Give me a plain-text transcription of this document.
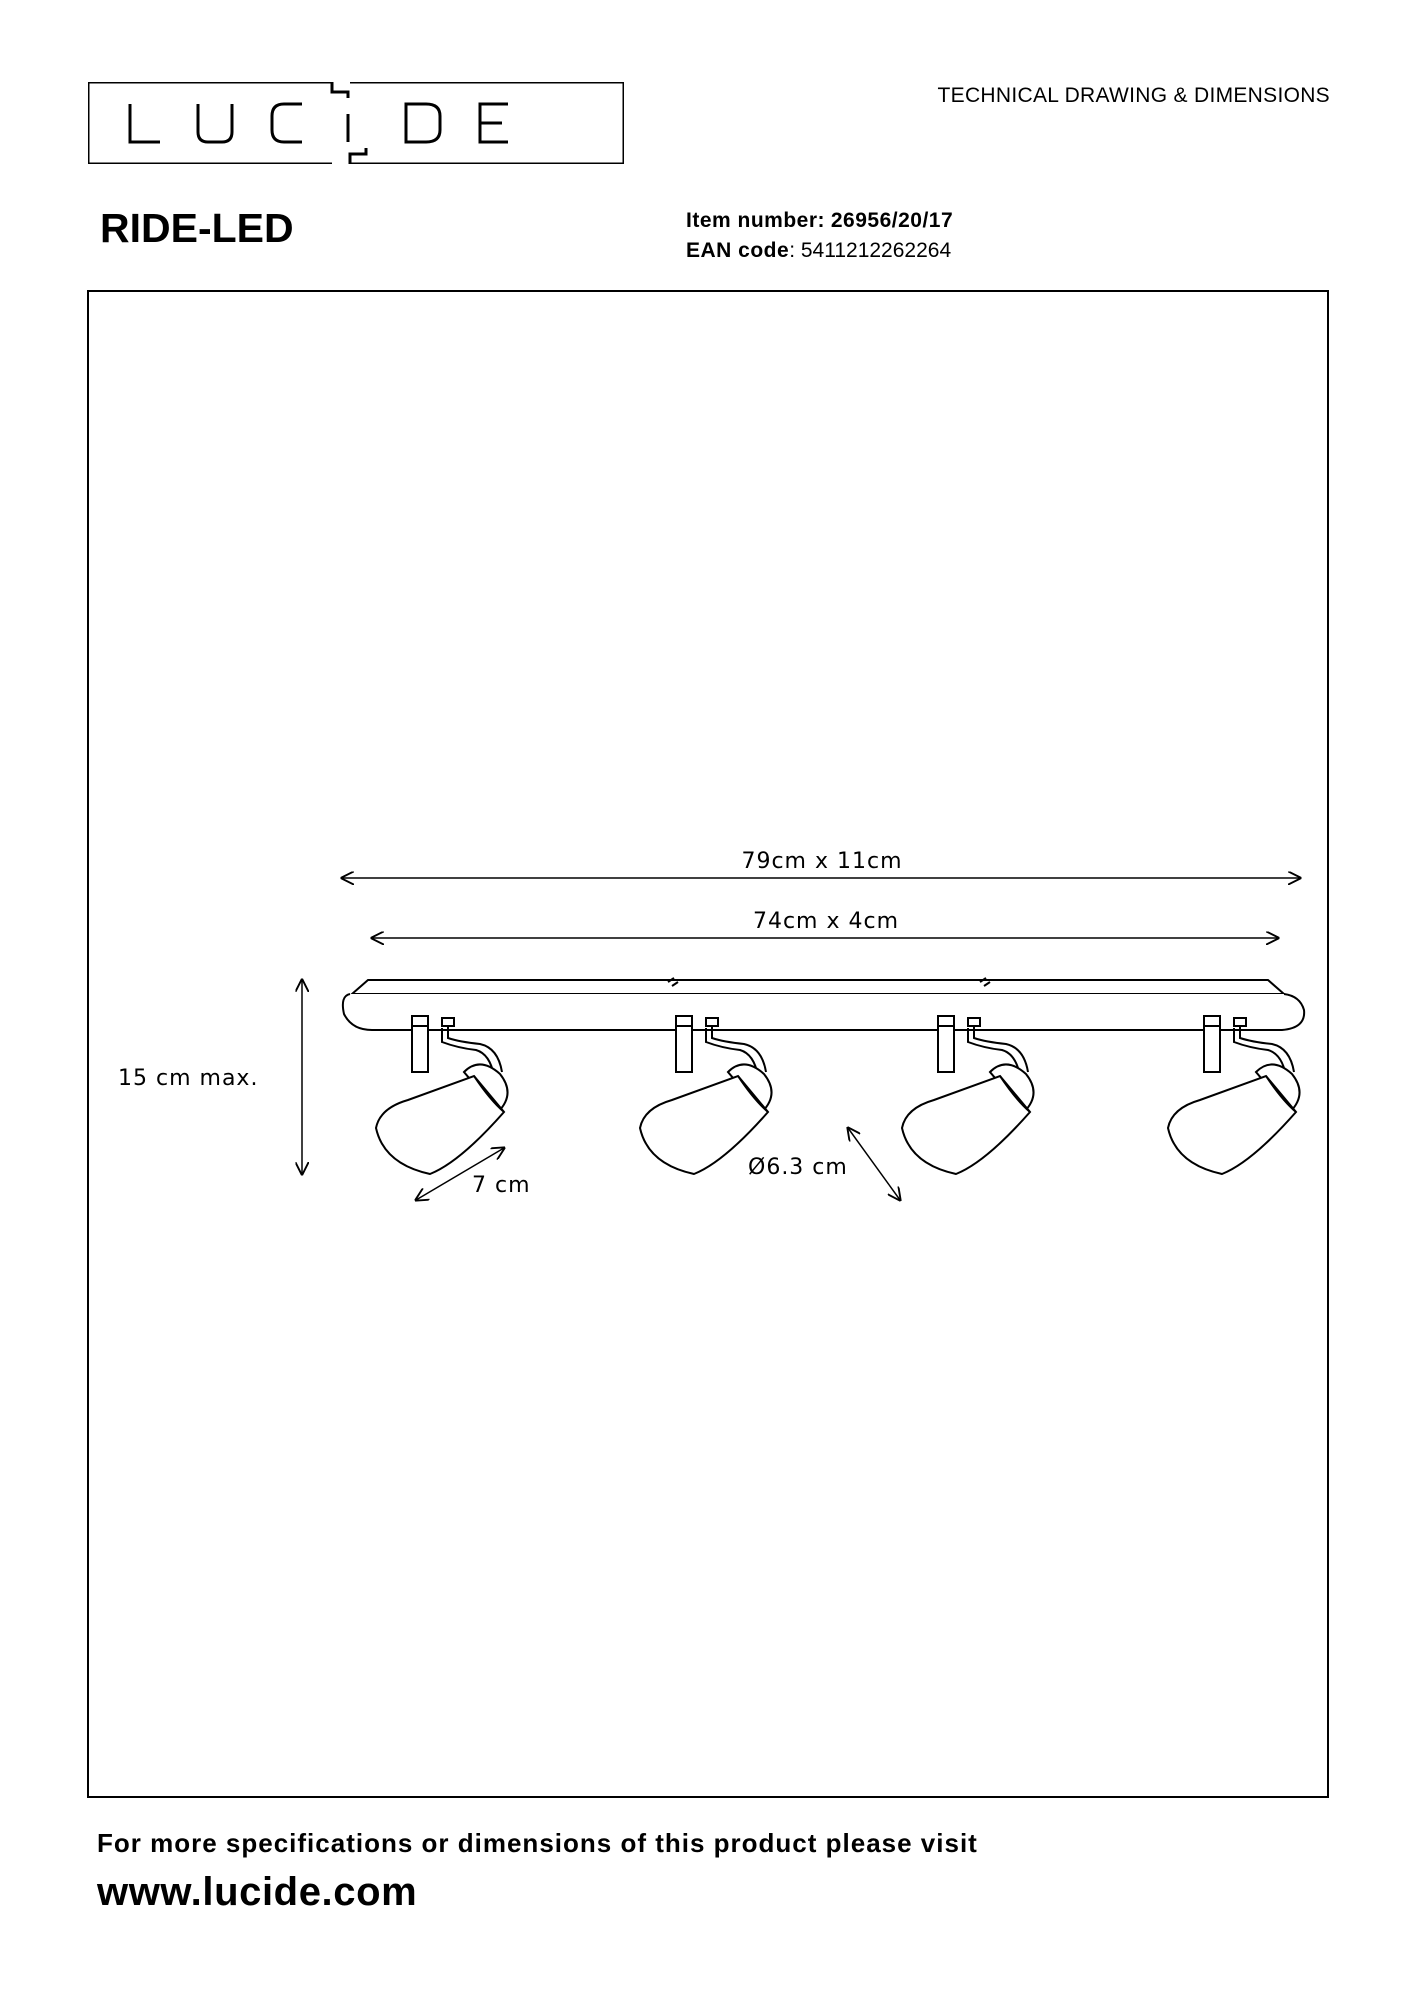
LUCIDE
TECHNICAL DRAWING & DIMENSIONS
RIDE-LED	Item number: 26956/20/17
EAN code: 5411212262264
79cm x 11cm
74cm x 4cm
15 cm max.
7 cm
Ø6.3 cm
For more specifications or dimensions of this product please visit
www.lucide.com
